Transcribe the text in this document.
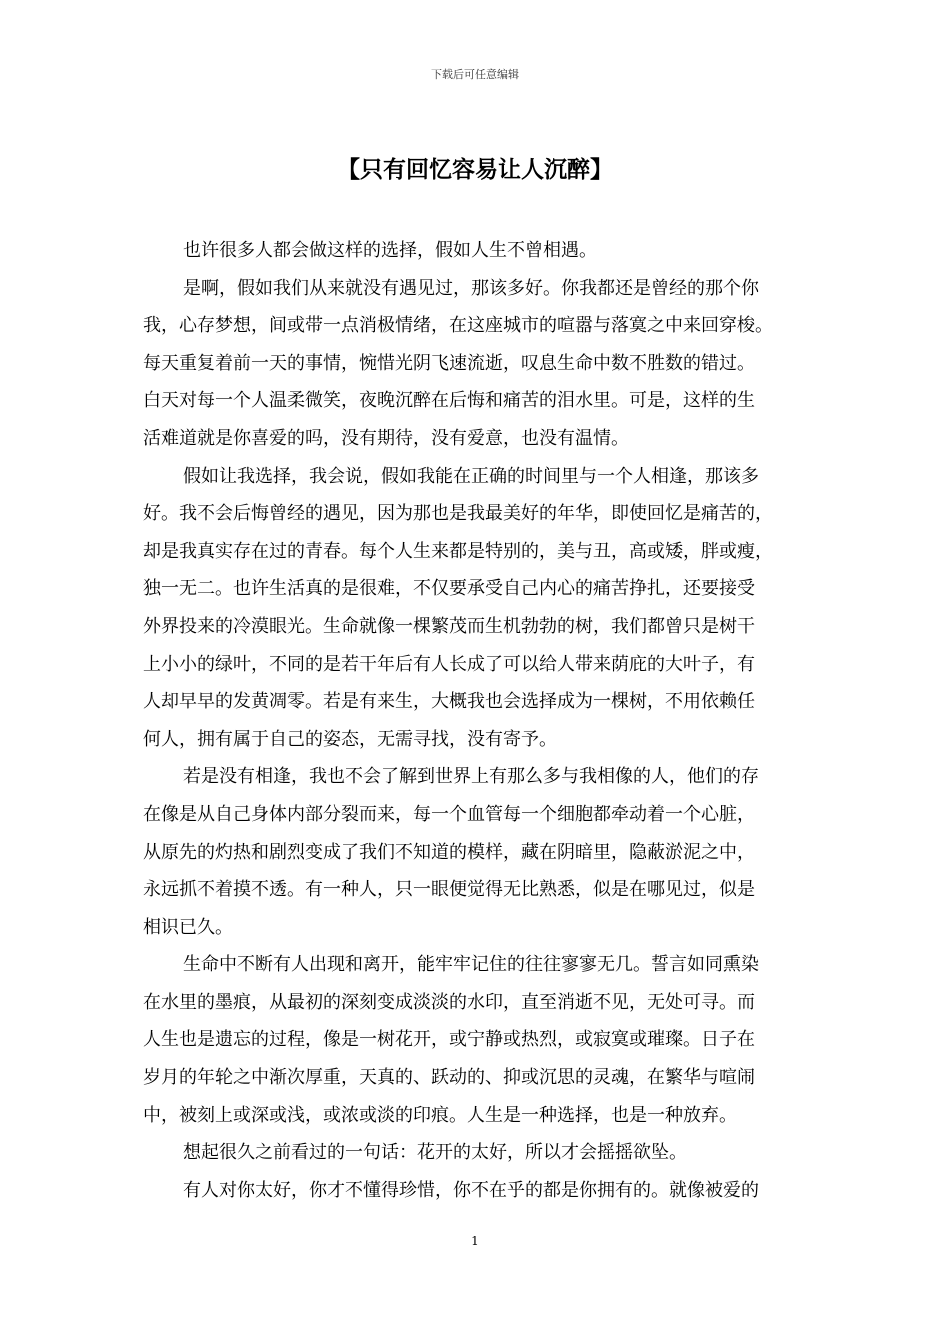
下载后可任意编辑
【只有回忆容易让人沉醉】
也许很多人都会做这样的选择，假如人生不曾相遇。
是啊，假如我们从来就没有遇见过，那该多好。你我都还是曾经的那个你
我，心存梦想，间或带一点消极情绪，在这座城市的喧嚣与落寞之中来回穿梭。
每天重复着前一天的事情，惋惜光阴飞速流逝，叹息生命中数不胜数的错过。
白天对每一个人温柔微笑，夜晚沉醉在后悔和痛苦的泪水里。可是，这样的生
活难道就是你喜爱的吗，没有期待，没有爱意，也没有温情。
假如让我选择，我会说，假如我能在正确的时间里与一个人相逢，那该多
好。我不会后悔曾经的遇见，因为那也是我最美好的年华，即使回忆是痛苦的，
却是我真实存在过的青春。每个人生来都是特别的，美与丑，高或矮，胖或瘦，
独一无二。也许生活真的是很难，不仅要承受自己内心的痛苦挣扎，还要接受
外界投来的冷漠眼光。生命就像一棵繁茂而生机勃勃的树，我们都曾只是树干
上小小的绿叶，不同的是若干年后有人长成了可以给人带来荫庇的大叶子，有
人却早早的发黄凋零。若是有来生，大概我也会选择成为一棵树，不用依赖任
何人，拥有属于自己的姿态，无需寻找，没有寄予。
若是没有相逢，我也不会了解到世界上有那么多与我相像的人，他们的存
在像是从自己身体内部分裂而来，每一个血管每一个细胞都牵动着一个心脏，
从原先的灼热和剧烈变成了我们不知道的模样，藏在阴暗里，隐蔽淤泥之中，
永远抓不着摸不透。有一种人，只一眼便觉得无比熟悉，似是在哪见过，似是
相识已久。
生命中不断有人出现和离开，能牢牢记住的往往寥寥无几。誓言如同熏染
在水里的墨痕，从最初的深刻变成淡淡的水印，直至消逝不见，无处可寻。而
人生也是遗忘的过程，像是一树花开，或宁静或热烈，或寂寞或璀璨。日子在
岁月的年轮之中渐次厚重，天真的、跃动的、抑或沉思的灵魂，在繁华与喧闹
中，被刻上或深或浅，或浓或淡的印痕。人生是一种选择，也是一种放弃。
想起很久之前看过的一句话：花开的太好，所以才会摇摇欲坠。
有人对你太好，你才不懂得珍惜，你不在乎的都是你拥有的。就像被爱的
1
